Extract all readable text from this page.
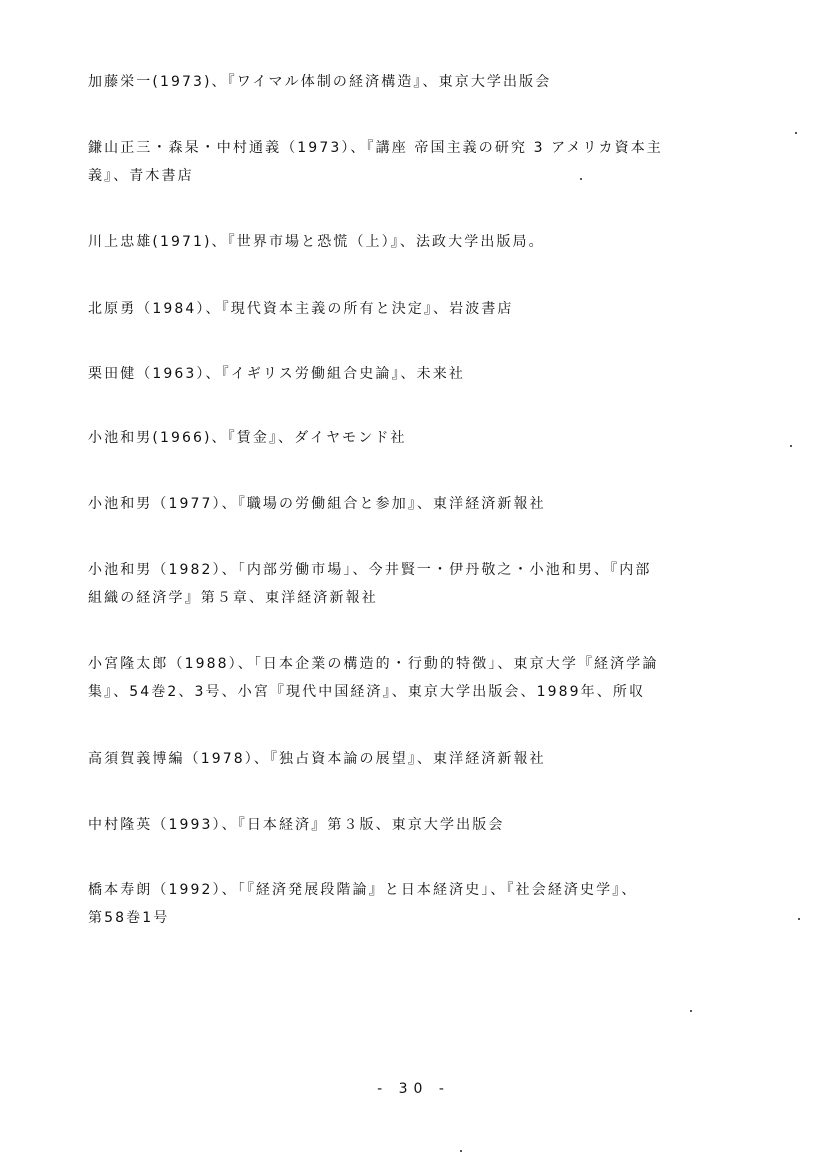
加藤栄一(1973)、『ワイマル体制の経済構造』、東京大学出版会
鎌山正三・森杲・中村通義（1973）、『講座 帝国主義の研究 3 アメリカ資本主
義』、青木書店
川上忠雄(1971)、『世界市場と恐慌（上）』、法政大学出版局。
北原勇（1984）、『現代資本主義の所有と決定』、岩波書店
栗田健（1963）、『イギリス労働組合史論』、未来社
小池和男(1966)、『賃金』、ダイヤモンド社
小池和男（1977）、『職場の労働組合と参加』、東洋経済新報社
小池和男（1982）、「内部労働市場」、今井賢一・伊丹敬之・小池和男、『内部
組織の経済学』第５章、東洋経済新報社
小宮隆太郎（1988）、「日本企業の構造的・行動的特徴」、東京大学『経済学論
集』、54巻2、3号、小宮『現代中国経済』、東京大学出版会、1989年、所収
高須賀義博編（1978）、『独占資本論の展望』、東洋経済新報社
中村隆英（1993）、『日本経済』第３版、東京大学出版会
橋本寿朗（1992）、「『経済発展段階論』と日本経済史」、『社会経済史学』、
第58巻1号
- 30 -
